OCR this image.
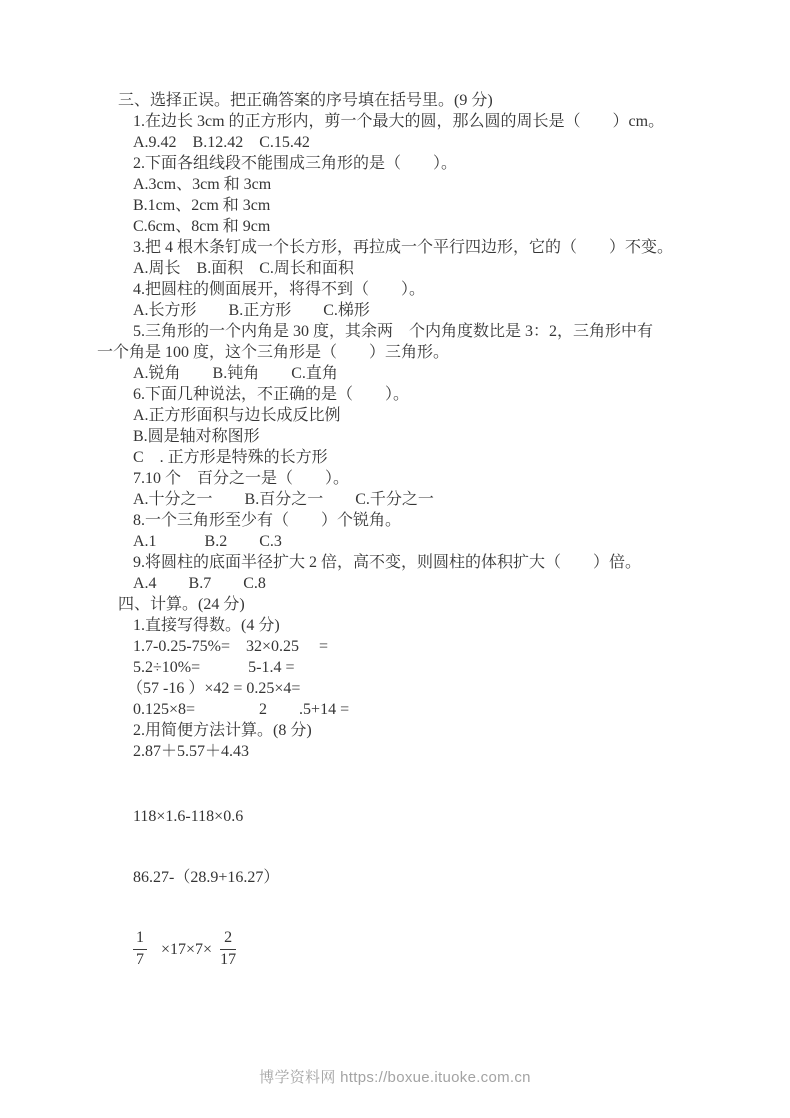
三、选择正误。把正确答案的序号填在括号里。(9 分)
1.在边长 3cm 的正方形内，剪一个最大的圆，那么圆的周长是（　　）cm。
A.9.42　B.12.42　C.15.42
2.下面各组线段不能围成三角形的是（　　）。
A.3cm、3cm 和 3cm
B.1cm、2cm 和 3cm
C.6cm、8cm 和 9cm
3.把 4 根木条钉成一个长方形，再拉成一个平行四边形，它的（　　）不变。
A.周长　B.面积　C.周长和面积
4.把圆柱的侧面展开，将得不到（　　）。
A.长方形　　B.正方形　　C.梯形
5.三角形的一个内角是 30 度，其余两　个内角度数比是 3：2，三角形中有
一个角是 100 度，这个三角形是（　　）三角形。
A.锐角　　B.钝角　　C.直角
6.下面几种说法，不正确的是（　　）。
A.正方形面积与边长成反比例
B.圆是轴对称图形
C　. 正方形是特殊的长方形
7.10 个　百分之一是（　　）。
A.十分之一　　B.百分之一　　C.千分之一
8.一个三角形至少有（　　）个锐角。
A.1　　　B.2　　C.3
9.将圆柱的底面半径扩大 2 倍，高不变，则圆柱的体积扩大（　　）倍。
A.4　　B.7　　C.8
四、计算。(24 分)
1.直接写得数。(4 分)
1.7-0.25-75%=　32×0.25　 =
5.2÷10%=　　　5-1.4 =
（57 -16 ）×42 = 0.25×4=
0.125×8=　　　　2　　.5+14 =
2.用简便方法计算。(8 分)
2.87＋5.57＋4.43
118×1.6-118×0.6
86.27-（28.9+16.27）
$\frac{1}{7} \times 17\times 7\times \frac{2}{17}$
博学资料网 https://boxue.ituoke.com.cn
